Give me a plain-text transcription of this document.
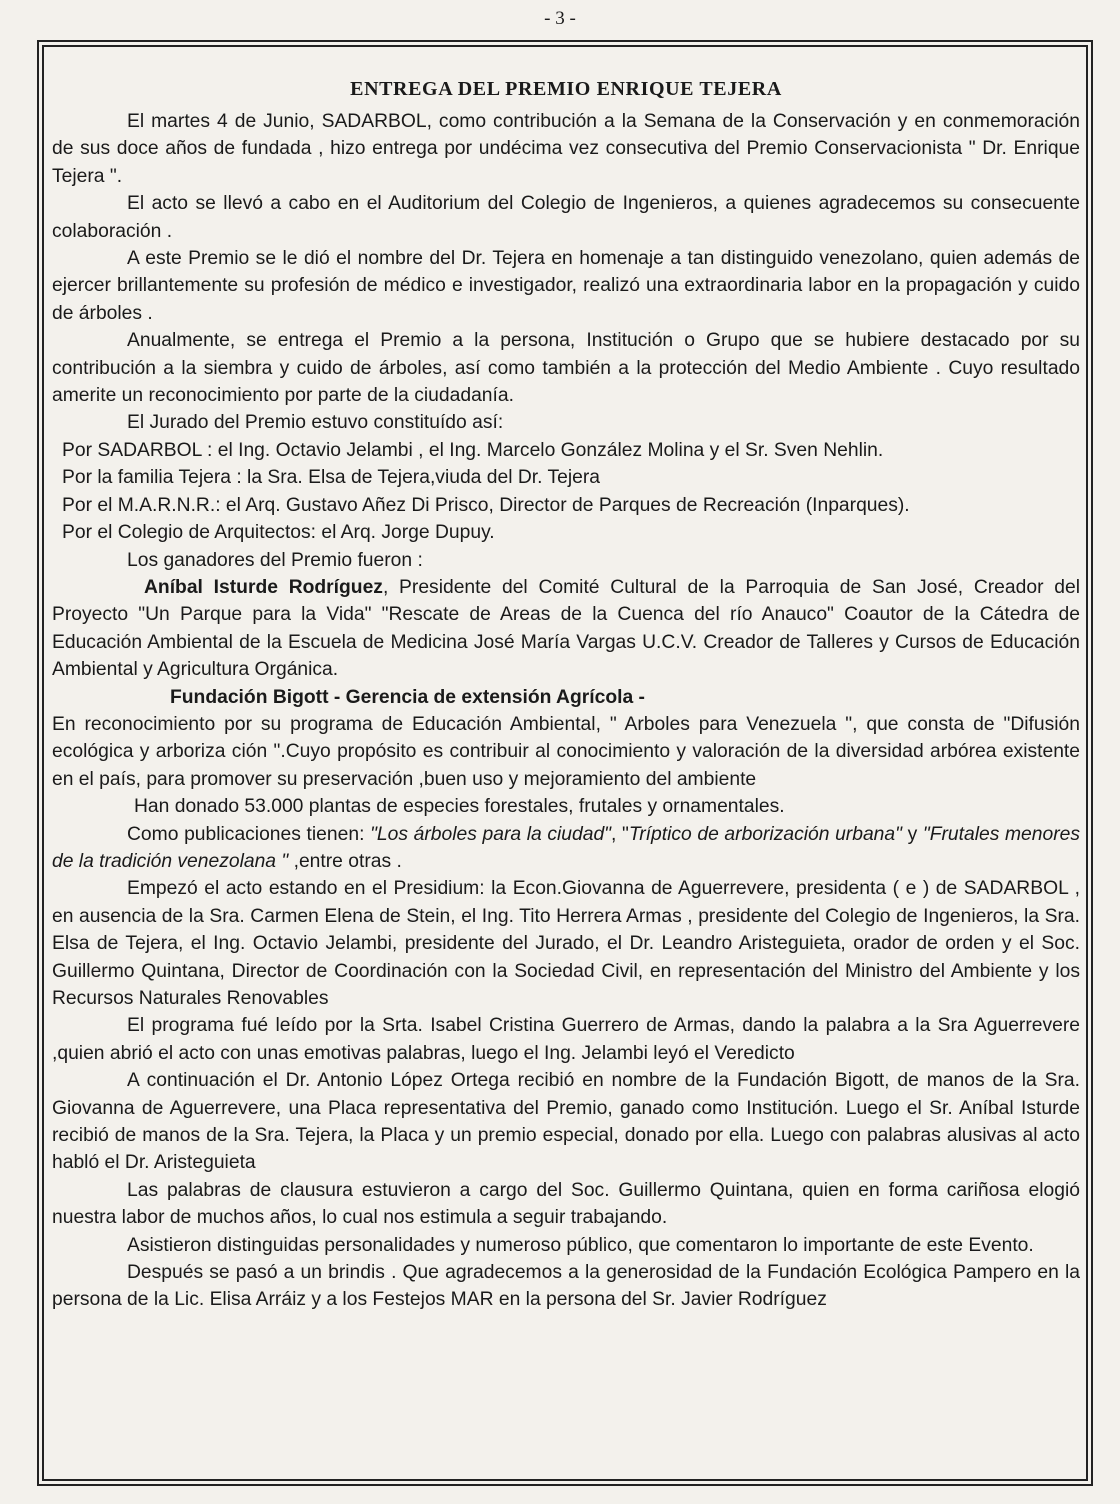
- 3 -
ENTREGA DEL PREMIO ENRIQUE TEJERA

El martes 4 de Junio, SADARBOL, como contribución a la Semana de la Conservación y en conmemoración de sus doce años de fundada , hizo entrega por undécima vez consecutiva del Premio Conservacionista " Dr. Enrique Tejera ".

El acto se llevó a cabo en el Auditorium del Colegio de Ingenieros, a quienes agradecemos su consecuente colaboración .

A este Premio se le dió el nombre del Dr. Tejera en homenaje a tan distinguido venezolano, quien además de ejercer brillantemente su profesión de médico e investigador, realizó una extraordinaria labor en la propagación y cuido de árboles .

Anualmente, se entrega el Premio a la persona, Institución o Grupo que se hubiere destacado por su contribución a la siembra y cuido de árboles, así como también a la protección del Medio Ambiente . Cuyo resultado amerite un reconocimiento por parte de la ciudadanía.

El Jurado del Premio estuvo constituído así:

Por SADARBOL : el Ing. Octavio Jelambi , el Ing. Marcelo González Molina y el Sr. Sven Nehlin.

Por la familia Tejera : la Sra. Elsa de Tejera,viuda del Dr. Tejera

Por el M.A.R.N.R.: el Arq. Gustavo Añez Di Prisco, Director de Parques de Recreación (Inparques).

Por el Colegio de Arquitectos: el Arq. Jorge Dupuy.

Los ganadores del Premio fueron :

Aníbal Isturde Rodríguez, Presidente del Comité Cultural de la Parroquia de San José, Creador del Proyecto "Un Parque para la Vida" "Rescate de Areas de la Cuenca del río Anauco" Coautor de la Cátedra de Educación Ambiental de la Escuela de Medicina José María Vargas U.C.V. Creador de Talleres y Cursos de Educación Ambiental y Agricultura Orgánica.

Fundación Bigott - Gerencia de extensión Agrícola -

En reconocimiento por su programa de Educación Ambiental, " Arboles para Venezuela ", que consta de "Difusión ecológica y arboriza ción ".Cuyo propósito es contribuir al conocimiento y valoración de la diversidad arbórea existente en el país, para promover su preservación ,buen uso y mejoramiento del ambiente

Han donado 53.000 plantas de especies forestales, frutales y ornamentales.

Como publicaciones tienen: "Los árboles para la ciudad", "Tríptico de arborización urbana" y "Frutales menores de la tradición venezolana " ,entre otras .

Empezó el acto estando en el Presidium: la Econ.Giovanna de Aguerrevere, presidenta ( e ) de SADARBOL , en ausencia de la Sra. Carmen Elena de Stein, el Ing. Tito Herrera Armas , presidente del Colegio de Ingenieros, la Sra. Elsa de Tejera, el Ing. Octavio Jelambi, presidente del Jurado, el Dr. Leandro Aristeguieta, orador de orden y el Soc. Guillermo Quintana, Director de Coordinación con la Sociedad Civil, en representación del Ministro del Ambiente y los Recursos Naturales Renovables

El programa fué leído por la Srta. Isabel Cristina Guerrero de Armas, dando la palabra a la Sra Aguerrevere ,quien abrió el acto con unas emotivas palabras, luego el Ing. Jelambi leyó el Veredicto

A continuación el Dr. Antonio López Ortega recibió en nombre de la Fundación Bigott, de manos de la Sra. Giovanna de Aguerrevere, una Placa representativa del Premio, ganado como Institución. Luego el Sr. Aníbal Isturde recibió de manos de la Sra. Tejera, la Placa y un premio especial, donado por ella. Luego con palabras alusivas al acto habló el Dr. Aristeguieta

Las palabras de clausura estuvieron a cargo del Soc. Guillermo Quintana, quien en forma cariñosa elogió nuestra labor de muchos años, lo cual nos estimula a seguir trabajando.

Asistieron distinguidas personalidades y numeroso público, que comentaron lo importante de este Evento.

Después se pasó a un brindis . Que agradecemos a la generosidad de la Fundación Ecológica Pampero en la persona de la Lic. Elisa Arráiz y a los Festejos MAR en la persona del Sr. Javier Rodríguez
